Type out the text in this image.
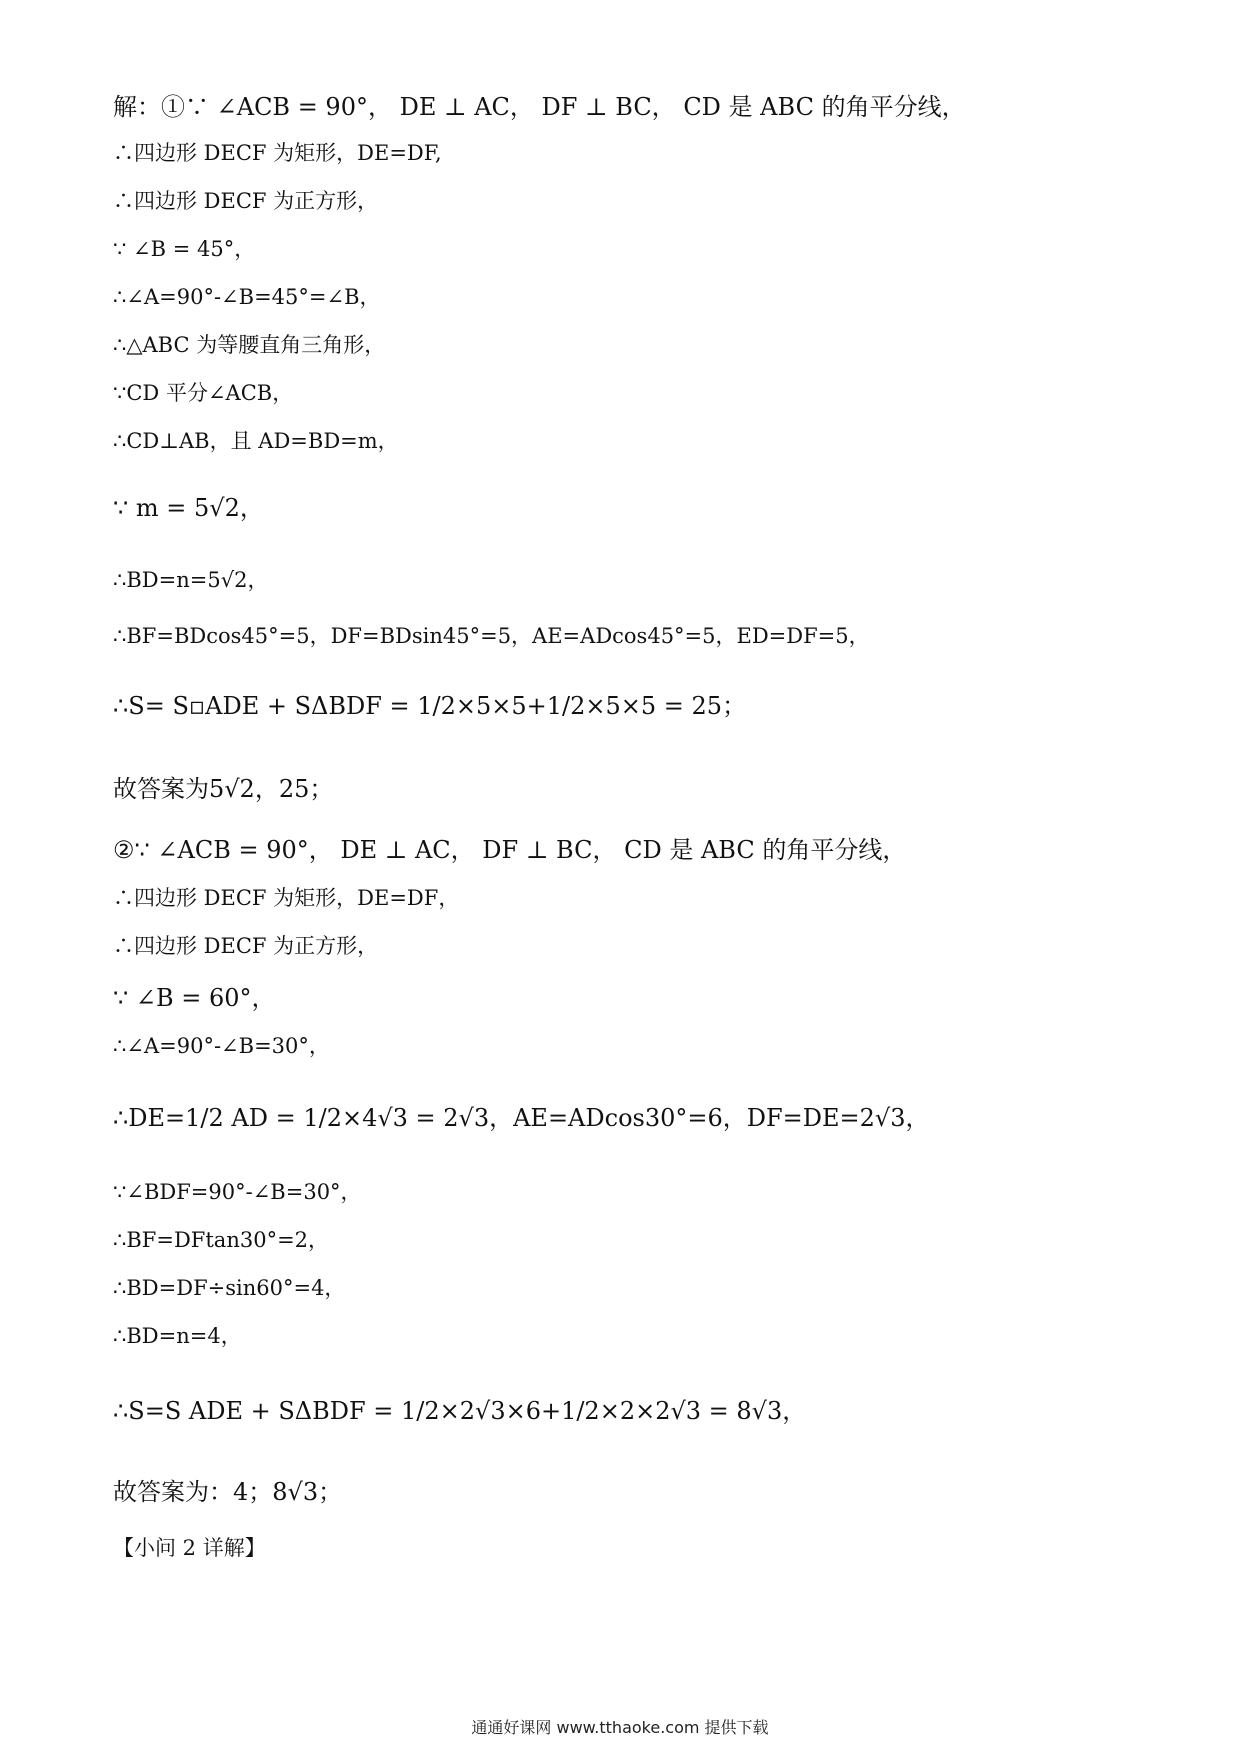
解：①∵ ∠ACB = 90°， DE ⊥ AC， DF ⊥ BC， CD 是 ABC 的角平分线，
∴四边形 DECF 为矩形，DE=DF,
∴四边形 DECF 为正方形，
∵ ∠B = 45°，
∴∠A=90°-∠B=45°=∠B，
∴△ABC 为等腰直角三角形，
∵CD 平分∠ACB，
∴CD⊥AB，且 AD=BD=m，
∵ m = 5√2，
∴BD=n=5√2，
∴BF=BDcos45°=5，DF=BDsin45°=5，AE=ADcos45°=5，ED=DF=5，
∴S= S▫ADE + SΔBDF = 1/2×5×5+1/2×5×5 = 25；
故答案为5√2，25；
②∵ ∠ACB = 90°， DE ⊥ AC， DF ⊥ BC， CD 是 ABC 的角平分线，
∴四边形 DECF 为矩形，DE=DF，
∴四边形 DECF 为正方形，
∵ ∠B = 60°，
∴∠A=90°-∠B=30°，
∴DE=1/2 AD = 1/2×4√3 = 2√3，AE=ADcos30°=6，DF=DE=2√3，
∵∠BDF=90°-∠B=30°，
∴BF=DFtan30°=2，
∴BD=DF÷sin60°=4，
∴BD=n=4，
∴S=S ADE + SΔBDF = 1/2×2√3×6+1/2×2×2√3 = 8√3，
故答案为：4；8√3；
【小问 2 详解】
通通好课网 www.tthaoke.com 提供下载
